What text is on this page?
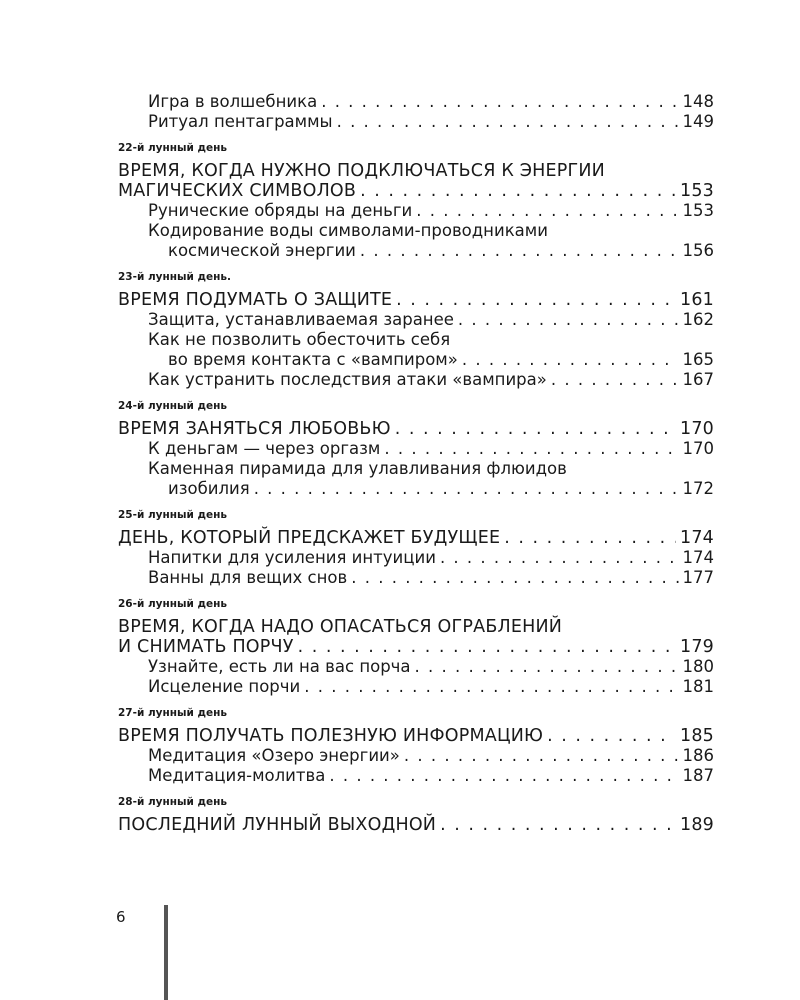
Игра в волшебника . . .	148
Ритуал пентаграммы . . .	149
22-й лунный день
ВРЕМЯ, КОГДА НУЖНО ПОДКЛЮЧАТЬСЯ К ЭНЕРГИИ
МАГИЧЕСКИХ СИМВОЛОВ . . .	153
Рунические обряды на деньги . . .	153
Кодирование воды символами-проводниками
космической энергии . . .	156
23-й лунный день.
ВРЕМЯ ПОДУМАТЬ О ЗАЩИТЕ . . .	161
Защита, устанавливаемая заранее . . .	162
Как не позволить обесточить себя
во время контакта с «вампиром» . . .	165
Как устранить последствия атаки «вампира» . . .	167
24-й лунный день
ВРЕМЯ ЗАНЯТЬСЯ ЛЮБОВЬЮ . . .	170
К деньгам — через оргазм . . .	170
Каменная пирамида для улавливания флюидов
изобилия . . .	172
25-й лунный день
ДЕНЬ, КОТОРЫЙ ПРЕДСКАЖЕТ БУДУЩЕЕ . . .	174
Напитки для усиления интуиции . . .	174
Ванны для вещих снов . . .	177
26-й лунный день
ВРЕМЯ, КОГДА НАДО ОПАСАТЬСЯ ОГРАБЛЕНИЙ
И СНИМАТЬ ПОРЧУ . . .	179
Узнайте, есть ли на вас порча . . .	180
Исцеление порчи . . .	181
27-й лунный день
ВРЕМЯ ПОЛУЧАТЬ ПОЛЕЗНУЮ ИНФОРМАЦИЮ . . .	185
Медитация «Озеро энергии» . . .	186
Медитация-молитва . . .	187
28-й лунный день
ПОСЛЕДНИЙ ЛУННЫЙ ВЫХОДНОЙ . . .	189
6
